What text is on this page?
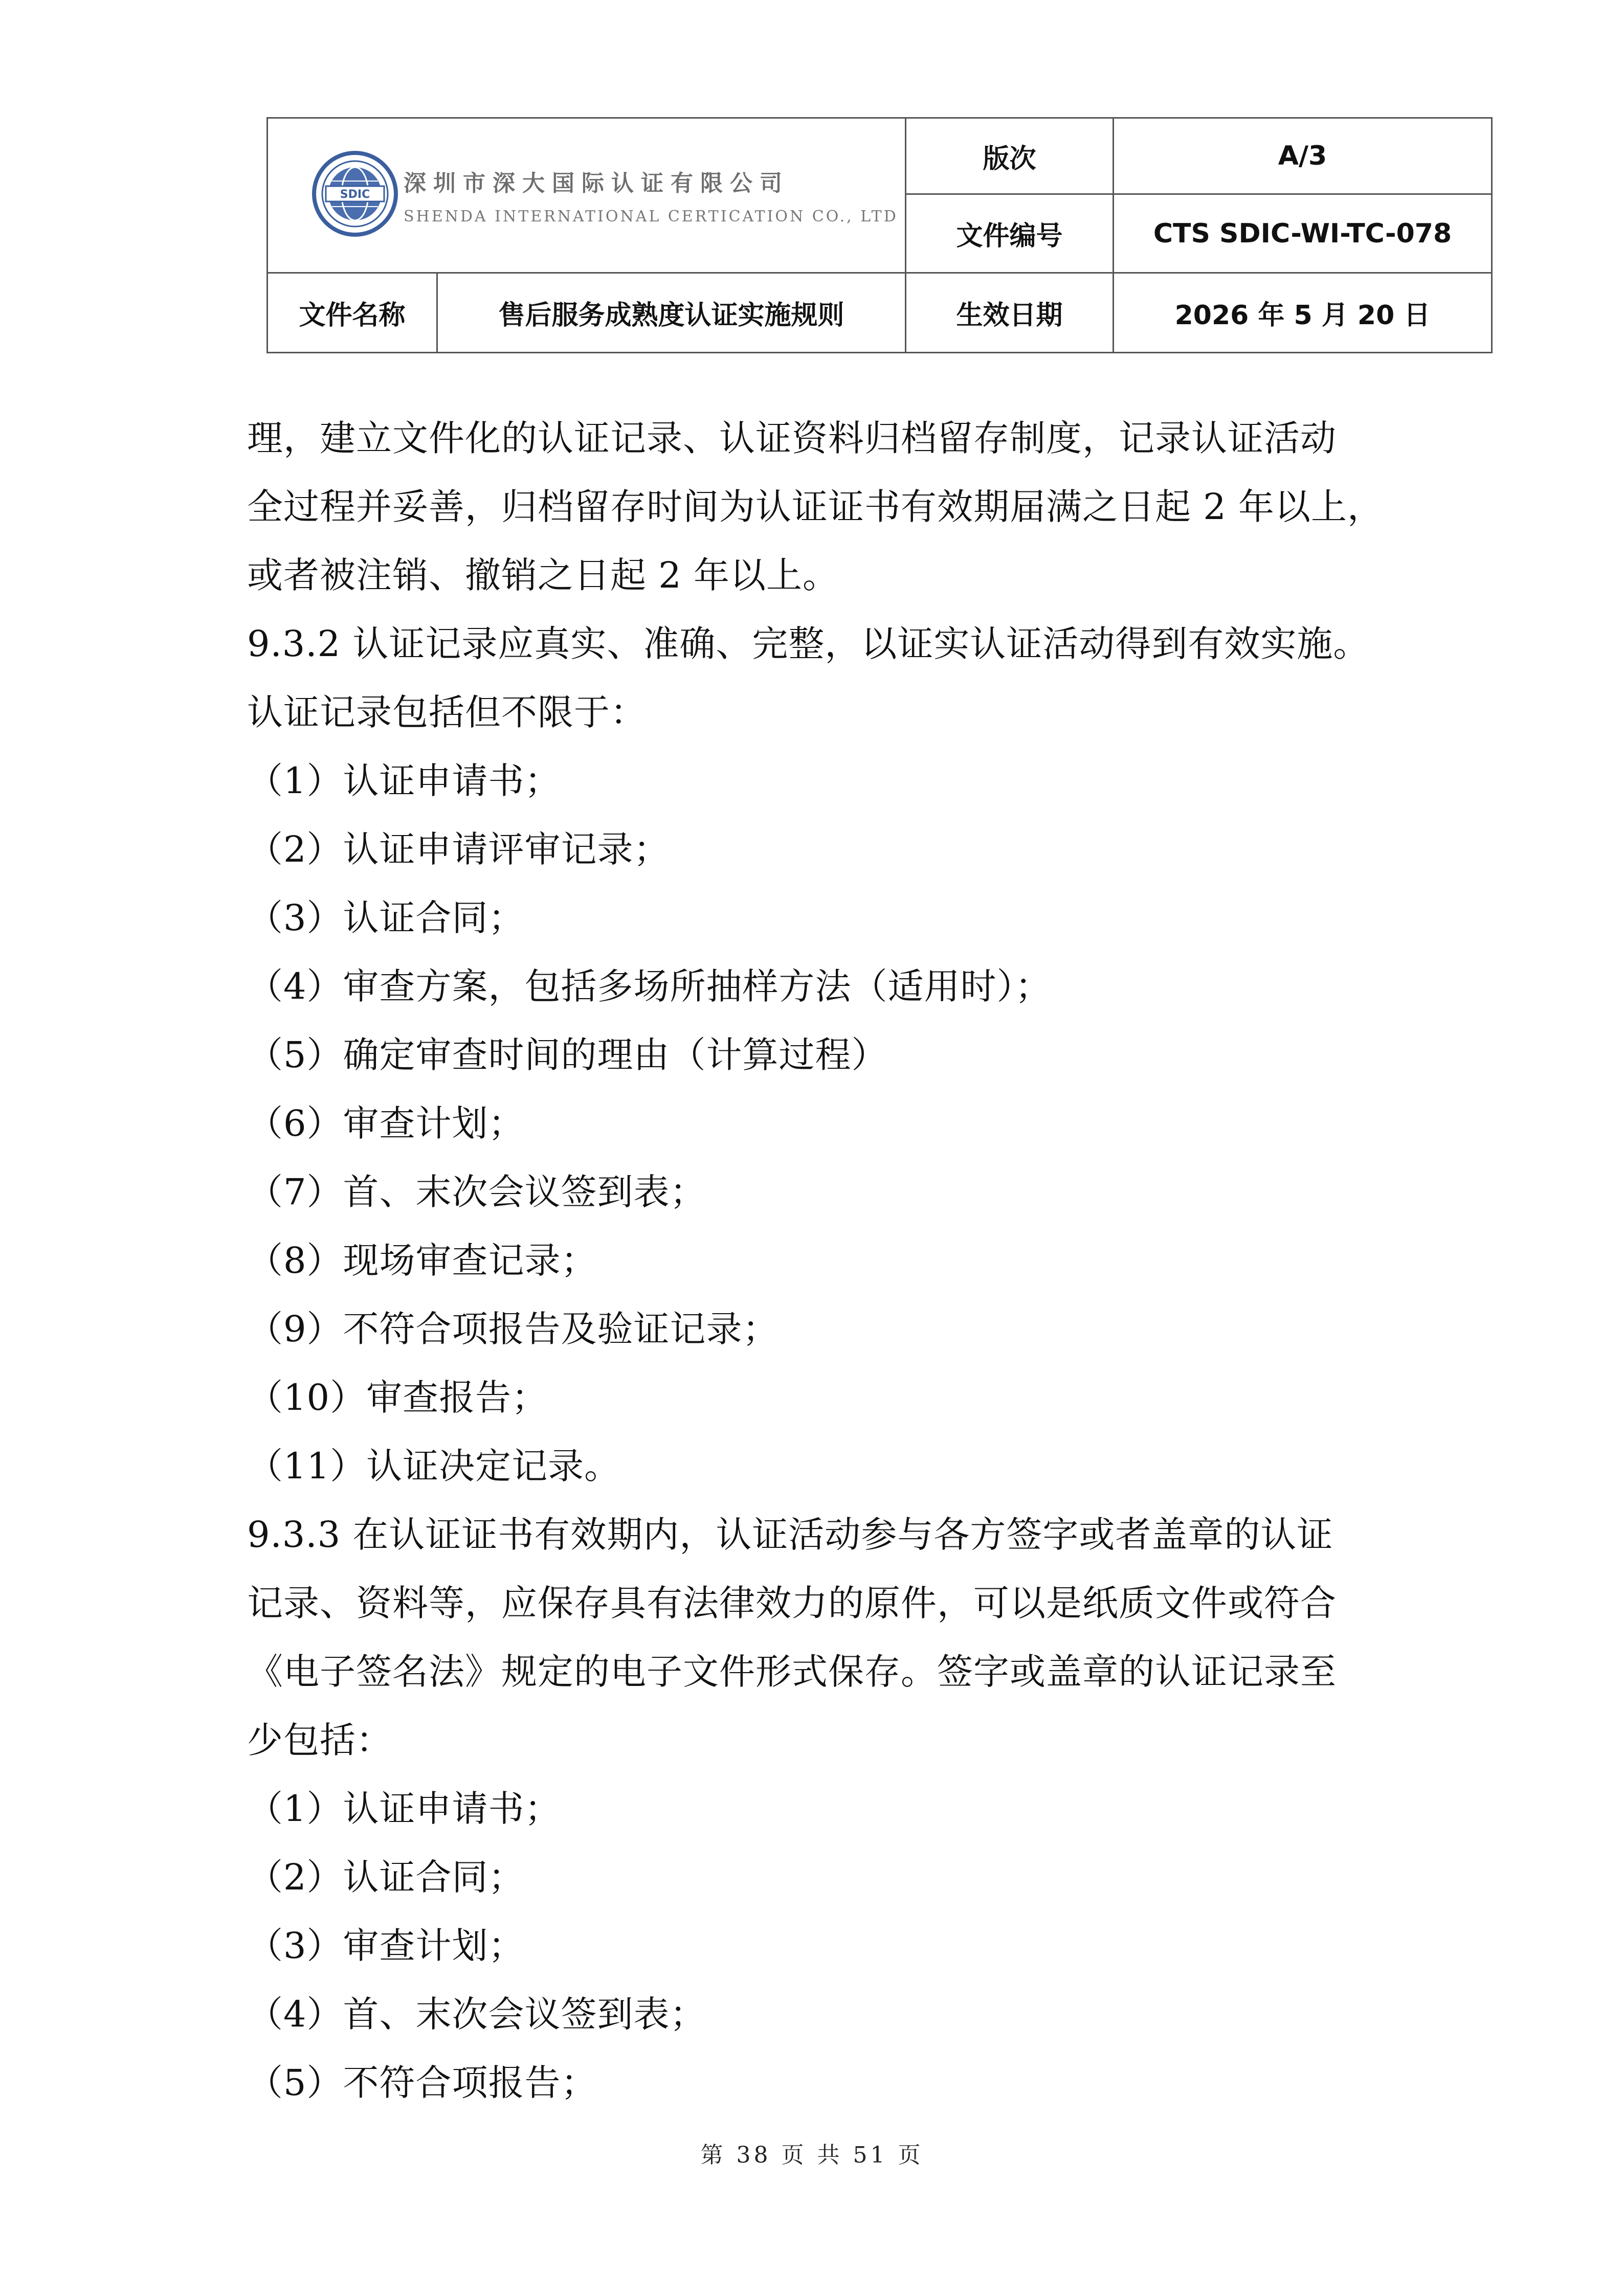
SDIC 深圳市深大国际认证有限公司
SHENDA INTERNATIONAL CERTICATION CO., LTD
版次	A/3
文件编号	CTS SDIC-WI-TC-078
文件名称	售后服务成熟度认证实施规则	生效日期	2026 年 5 月 20 日
理，建立文件化的认证记录、认证资料归档留存制度，记录认证活动
全过程并妥善，归档留存时间为认证证书有效期届满之日起 2 年以上，
或者被注销、撤销之日起 2 年以上。
9.3.2 认证记录应真实、准确、完整，以证实认证活动得到有效实施。
认证记录包括但不限于：
（1）认证申请书；
（2）认证申请评审记录；
（3）认证合同；
（4）审查方案，包括多场所抽样方法（适用时）；
（5）确定审查时间的理由（计算过程）
（6）审查计划；
（7）首、末次会议签到表；
（8）现场审查记录；
（9）不符合项报告及验证记录；
（10）审查报告；
（11）认证决定记录。
9.3.3 在认证证书有效期内，认证活动参与各方签字或者盖章的认证
记录、资料等，应保存具有法律效力的原件，可以是纸质文件或符合
《电子签名法》规定的电子文件形式保存。签字或盖章的认证记录至
少包括：
（1）认证申请书；
（2）认证合同；
（3）审查计划；
（4）首、末次会议签到表；
（5）不符合项报告；
第 38 页 共 51 页
